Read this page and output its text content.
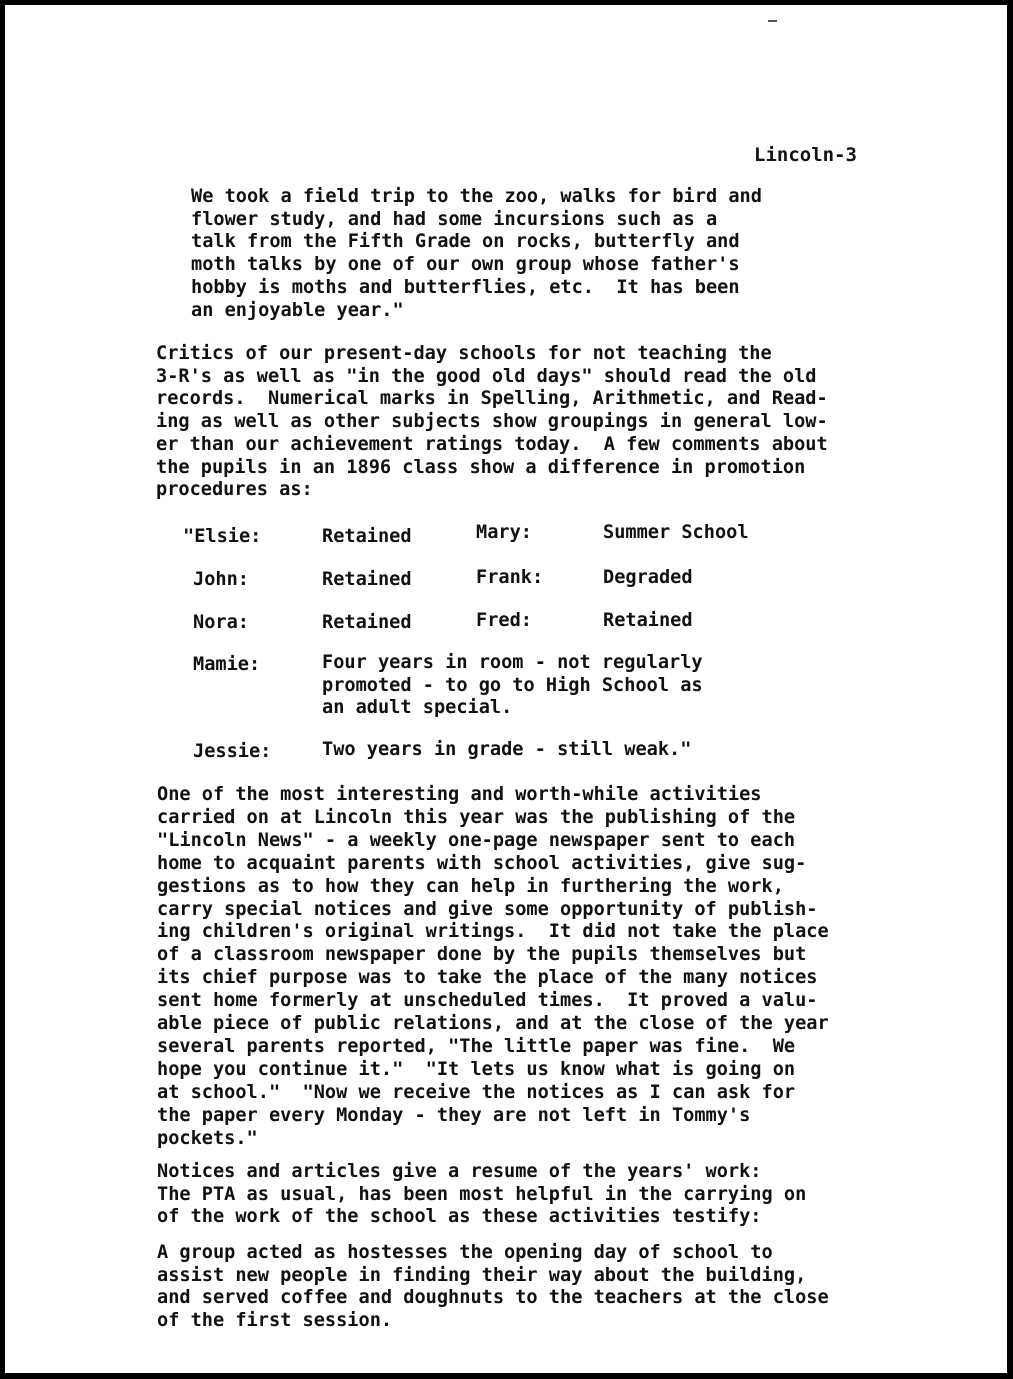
Lincoln-3

We took a field trip to the zoo, walks for bird and
flower study, and had some incursions such as a
talk from the Fifth Grade on rocks, butterfly and
moth talks by one of our own group whose father's
hobby is moths and butterflies, etc.  It has been
an enjoyable year."

Critics of our present-day schools for not teaching the
3-R's as well as "in the good old days" should read the old
records.  Numerical marks in Spelling, Arithmetic, and Read-
ing as well as other subjects show groupings in general low-
er than our achievement ratings today.  A few comments about
the pupils in an 1896 class show a difference in promotion
procedures as:

"Elsie:	Retained	Mary:	Summer School
John:	Retained	Frank:	Degraded
Nora:	Retained	Fred:	Retained
Mamie:	Four years in room - not regularly
promoted - to go to High School as
an adult special.
Jessie:	Two years in grade - still weak."

One of the most interesting and worth-while activities
carried on at Lincoln this year was the publishing of the
"Lincoln News" - a weekly one-page newspaper sent to each
home to acquaint parents with school activities, give sug-
gestions as to how they can help in furthering the work,
carry special notices and give some opportunity of publish-
ing children's original writings.  It did not take the place
of a classroom newspaper done by the pupils themselves but
its chief purpose was to take the place of the many notices
sent home formerly at unscheduled times.  It proved a valu-
able piece of public relations, and at the close of the year
several parents reported, "The little paper was fine.  We
hope you continue it."  "It lets us know what is going on
at school."  "Now we receive the notices as I can ask for
the paper every Monday - they are not left in Tommy's
pockets."

Notices and articles give a resume of the years' work:
The PTA as usual, has been most helpful in the carrying on
of the work of the school as these activities testify:

A group acted as hostesses the opening day of school to
assist new people in finding their way about the building,
and served coffee and doughnuts to the teachers at the close
of the first session.
